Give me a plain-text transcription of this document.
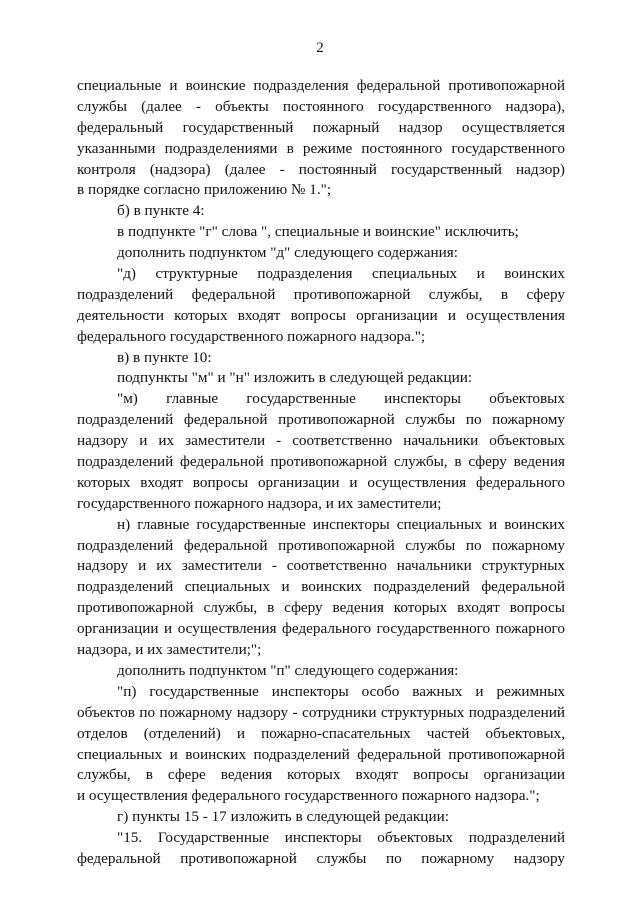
2
специальные и воинские подразделения федеральной противопожарной
службы (далее - объекты постоянного государственного надзора),
федеральный государственный пожарный надзор осуществляется
указанными подразделениями в режиме постоянного государственного
контроля (надзора) (далее - постоянный государственный надзор)
в порядке согласно приложению № 1.";
б) в пункте 4:
в подпункте "г" слова ", специальные и воинские" исключить;
дополнить подпунктом "д" следующего содержания:
"д) структурные подразделения специальных и воинских
подразделений федеральной противопожарной службы, в сферу
деятельности которых входят вопросы организации и осуществления
федерального государственного пожарного надзора.";
в) в пункте 10:
подпункты "м" и "н" изложить в следующей редакции:
"м) главные государственные инспекторы объектовых
подразделений федеральной противопожарной службы по пожарному
надзору и их заместители - соответственно начальники объектовых
подразделений федеральной противопожарной службы, в сферу ведения
которых входят вопросы организации и осуществления федерального
государственного пожарного надзора, и их заместители;
н) главные государственные инспекторы специальных и воинских
подразделений федеральной противопожарной службы по пожарному
надзору и их заместители - соответственно начальники структурных
подразделений специальных и воинских подразделений федеральной
противопожарной службы, в сферу ведения которых входят вопросы
организации и осуществления федерального государственного пожарного
надзора, и их заместители;";
дополнить подпунктом "п" следующего содержания:
"п) государственные инспекторы особо важных и режимных
объектов по пожарному надзору - сотрудники структурных подразделений
отделов (отделений) и пожарно-спасательных частей объектовых,
специальных и воинских подразделений федеральной противопожарной
службы, в сфере ведения которых входят вопросы организации
и осуществления федерального государственного пожарного надзора.";
г) пункты 15 - 17 изложить в следующей редакции:
"15. Государственные инспекторы объектовых подразделений
федеральной противопожарной службы по пожарному надзору
